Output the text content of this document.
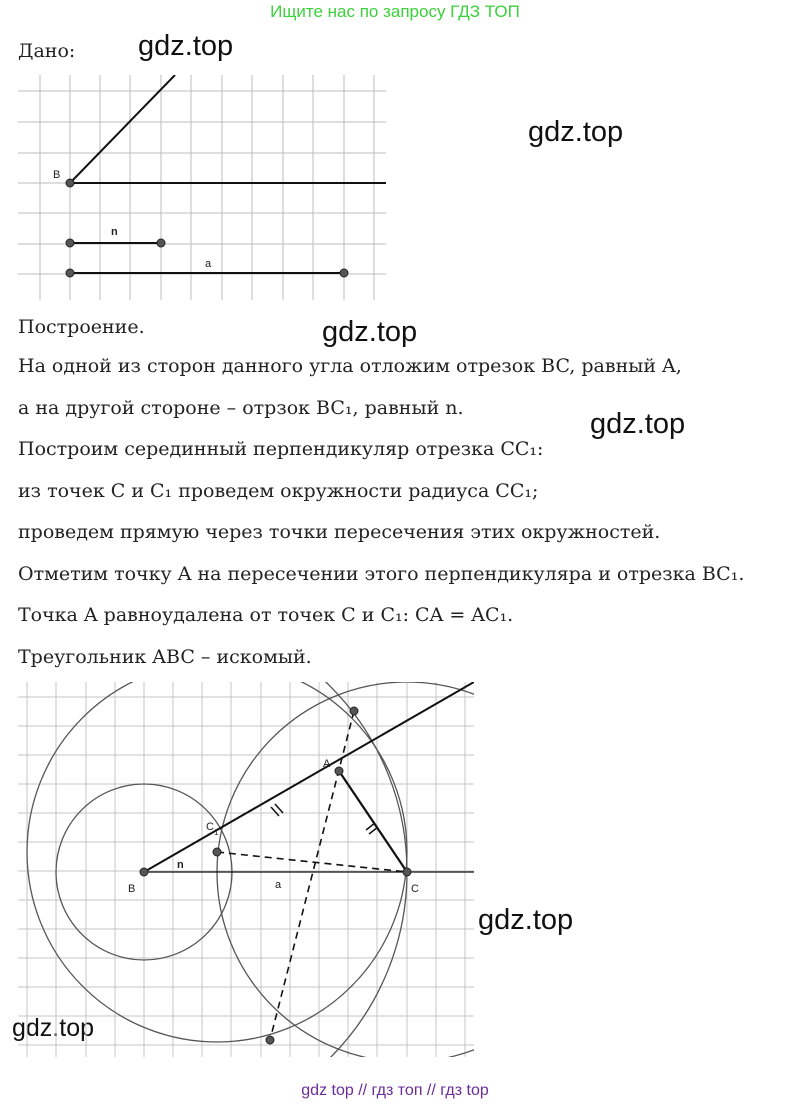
Ищите нас по запросу ГДЗ ТОП
Дано: gdz.top
gdz.top
gdz.top
gdz.top
gdz.top
gdz.top
B
n
a
Построение.
На одной из сторон данного угла отложим отрезок BC, равный A,
а на другой стороне – отрзок BC₁, равный n.
Построим серединный перпендикуляр отрезка CC₁:
из точек C и C₁ проведем окружности радиуса CC₁;
проведем прямую через точки пересечения этих окружностей.
Отметим точку A на пересечении этого перпендикуляра и отрезка BC₁.
Точка A равноудалена от точек C и C₁: CA = AC₁.
Треугольник ABC – искомый.
B	C
A
C 1
n
a
gdz top // гдз топ // гдз top
